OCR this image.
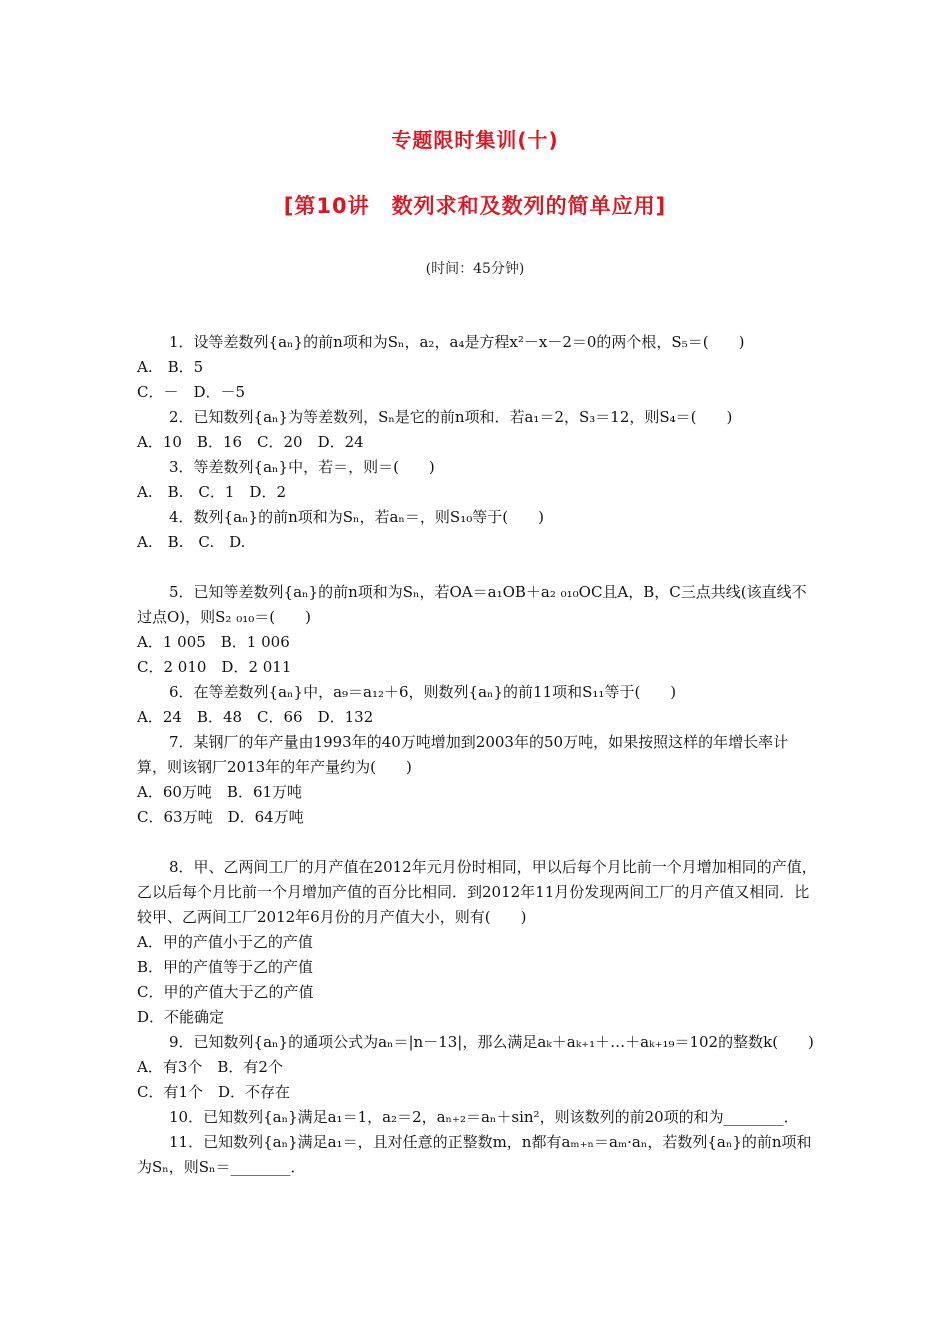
专题限时集训(十)
[第10讲　数列求和及数列的简单应用]
(时间：45分钟)
1．设等差数列{aₙ}的前n项和为Sₙ，a₂，a₄是方程x²－x－2＝0的两个根，S₅＝(　　)
A.　B．5
C．－　D．－5
2．已知数列{aₙ}为等差数列，Sₙ是它的前n项和．若a₁＝2，S₃＝12，则S₄＝(　　)
A．10　B．16　C．20　D．24
3．等差数列{aₙ}中，若＝，则＝(　　)
A.　B.　C．1　D．2
4．数列{aₙ}的前n项和为Sₙ，若aₙ＝，则S₁₀等于(　　)
A.　B.　C.　D.
5．已知等差数列{aₙ}的前n项和为Sₙ，若OA＝a₁OB＋a₂ ₀₁₀OC且A，B，C三点共线(该直线不过点O)，则S₂ ₀₁₀＝(　　)
A．1 005　B．1 006
C．2 010　D．2 011
6．在等差数列{aₙ}中，a₉＝a₁₂＋6，则数列{aₙ}的前11项和S₁₁等于(　　)
A．24　B．48　C．66　D．132
7．某钢厂的年产量由1993年的40万吨增加到2003年的50万吨，如果按照这样的年增长率计算，则该钢厂2013年的年产量约为(　　)
A．60万吨　B．61万吨
C．63万吨　D．64万吨
8．甲、乙两间工厂的月产值在2012年元月份时相同，甲以后每个月比前一个月增加相同的产值，乙以后每个月比前一个月增加产值的百分比相同．到2012年11月份发现两间工厂的月产值又相同．比较甲、乙两间工厂2012年6月份的月产值大小，则有(　　)
A．甲的产值小于乙的产值
B．甲的产值等于乙的产值
C．甲的产值大于乙的产值
D．不能确定
9．已知数列{aₙ}的通项公式为aₙ＝|n－13|，那么满足aₖ＋aₖ₊₁＋…＋aₖ₊₁₉＝102的整数k(　　)
A．有3个　B．有2个
C．有1个　D．不存在
10．已知数列{aₙ}满足a₁＝1，a₂＝2，aₙ₊₂＝aₙ＋sin²，则该数列的前20项的和为________．
11．已知数列{aₙ}满足a₁＝，且对任意的正整数m，n都有aₘ₊ₙ＝aₘ·aₙ，若数列{aₙ}的前n项和为Sₙ，则Sₙ＝________．
